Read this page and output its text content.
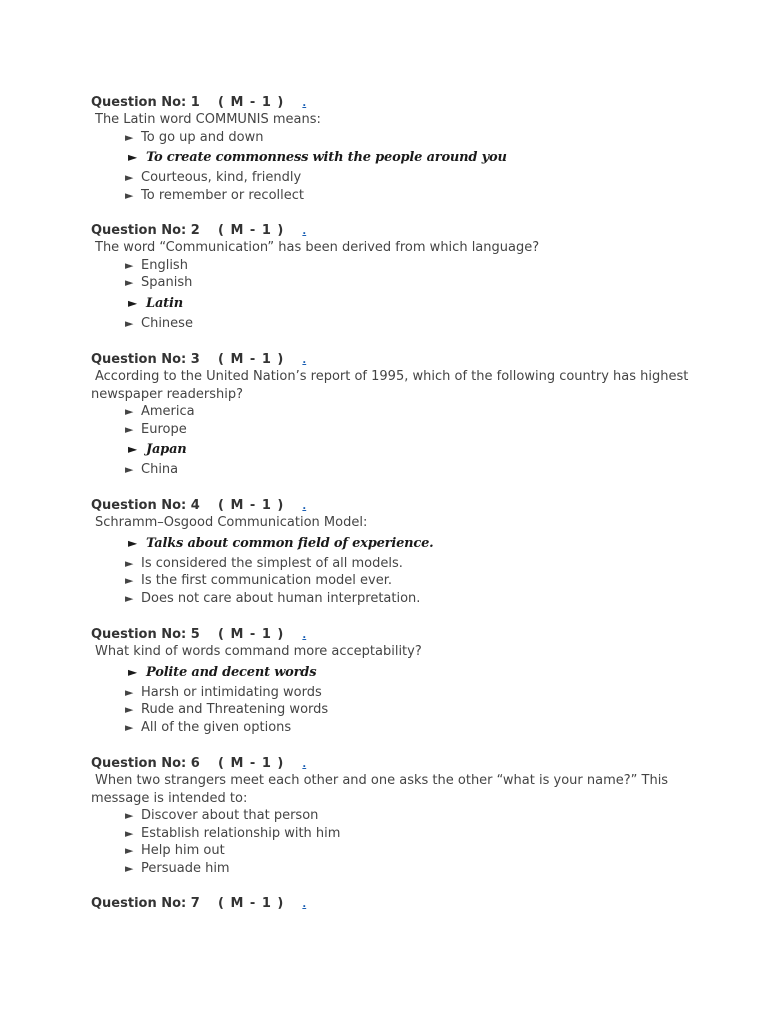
Question No: 1	( M - 1 ) .
The Latin word COMMUNIS means:
► To go up and down
► To create commonness with the people around you
► Courteous, kind, friendly
► To remember or recollect
Question No: 2	( M - 1 ) .
The word “Communication” has been derived from which language?
► English
► Spanish
► Latin
► Chinese
Question No: 3	( M - 1 ) .
According to the United Nation’s report of 1995, which of the following country has highest newspaper readership?
► America
► Europe
► Japan
► China
Question No: 4	( M - 1 ) .
Schramm–Osgood Communication Model:
► Talks about common field of experience.
► Is considered the simplest of all models.
► Is the first communication model ever.
► Does not care about human interpretation.
Question No: 5	( M - 1 ) .
What kind of words command more acceptability?
► Polite and decent words
► Harsh or intimidating words
► Rude and Threatening words
► All of the given options
Question No: 6	( M - 1 ) .
When two strangers meet each other and one asks the other “what is your name?” This message is intended to:
► Discover about that person
► Establish relationship with him
► Help him out
► Persuade him
Question No: 7	( M - 1 ) .
